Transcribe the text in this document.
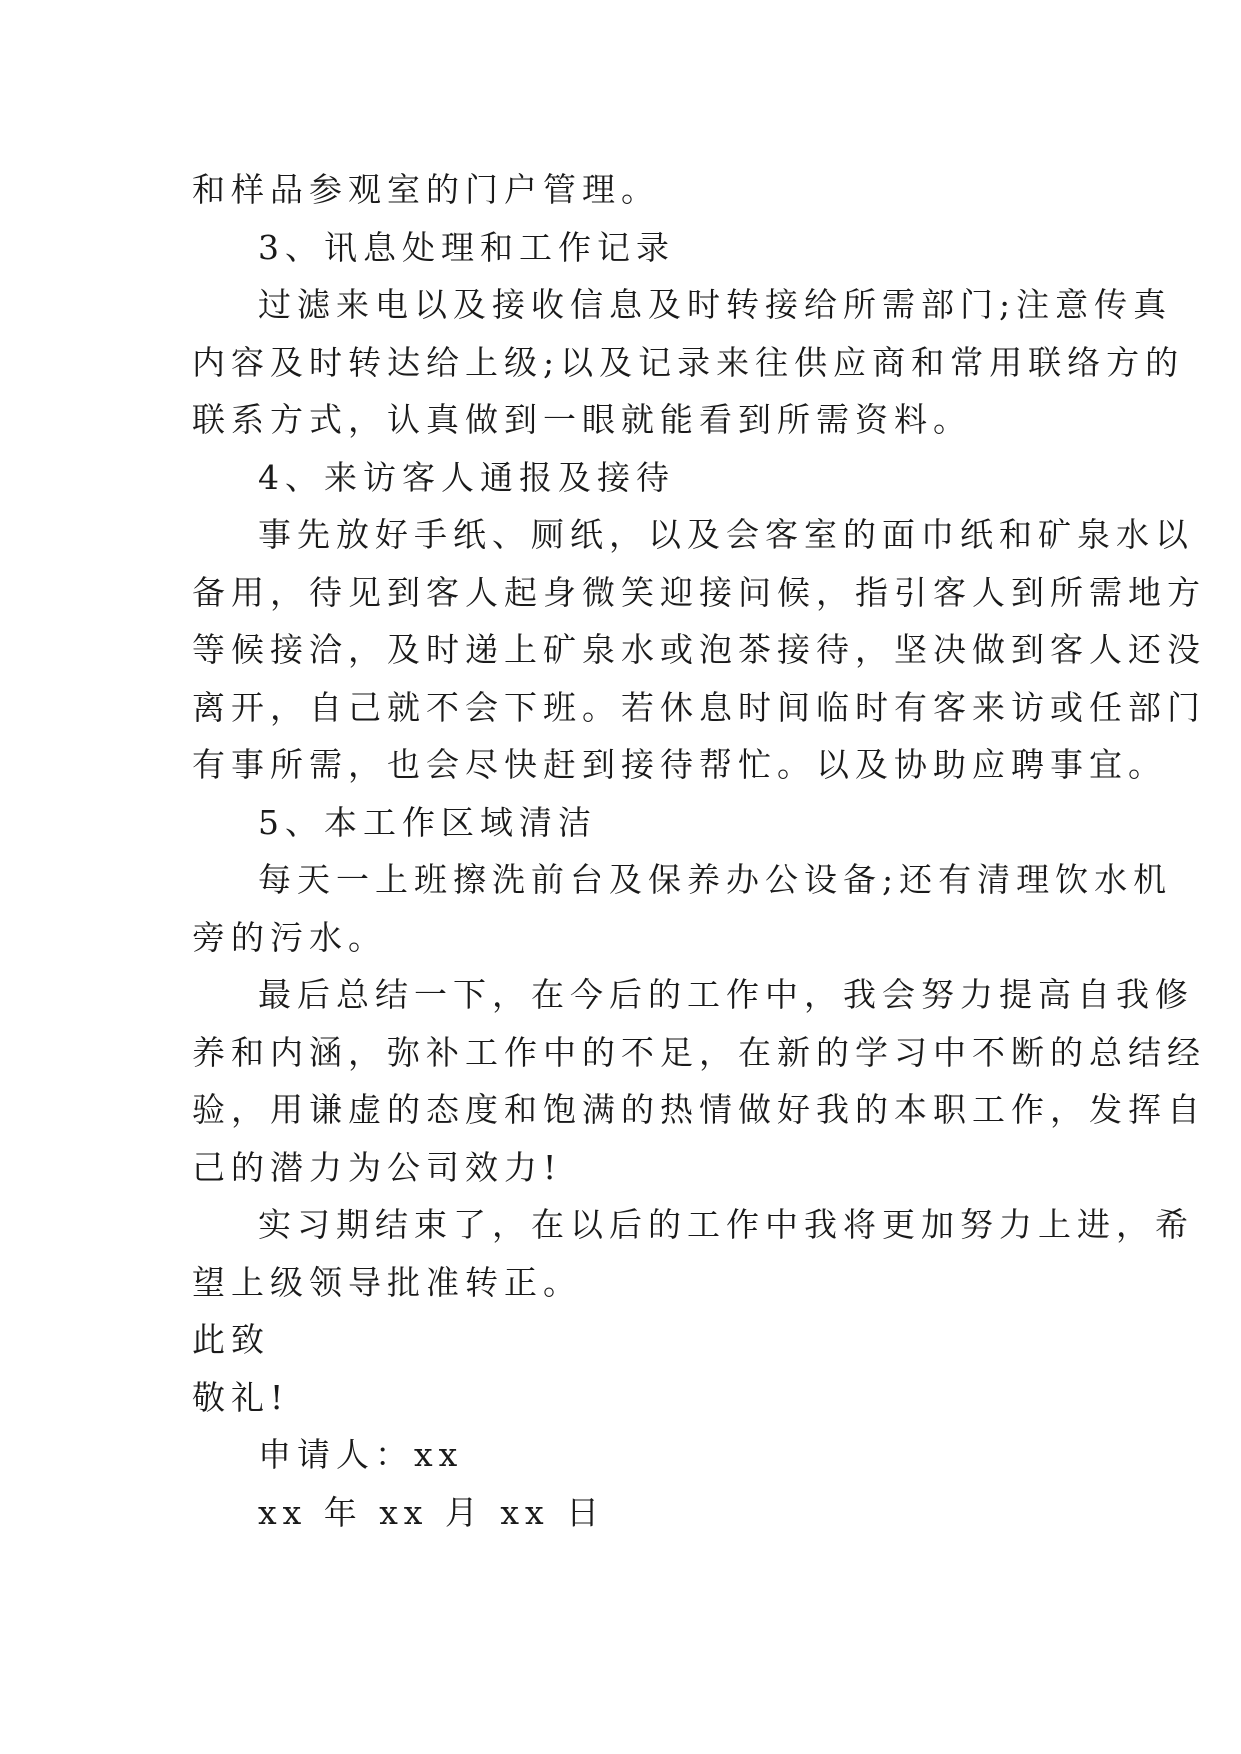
和样品参观室的门户管理。
3、讯息处理和工作记录
过滤来电以及接收信息及时转接给所需部门;注意传真
内容及时转达给上级;以及记录来往供应商和常用联络方的
联系方式，认真做到一眼就能看到所需资料。
4、来访客人通报及接待
事先放好手纸、厕纸，以及会客室的面巾纸和矿泉水以
备用，待见到客人起身微笑迎接问候，指引客人到所需地方
等候接洽，及时递上矿泉水或泡茶接待，坚决做到客人还没
离开，自己就不会下班。若休息时间临时有客来访或任部门
有事所需，也会尽快赶到接待帮忙。以及协助应聘事宜。
5、本工作区域清洁
每天一上班擦洗前台及保养办公设备;还有清理饮水机
旁的污水。
最后总结一下，在今后的工作中，我会努力提高自我修
养和内涵，弥补工作中的不足，在新的学习中不断的总结经
验，用谦虚的态度和饱满的热情做好我的本职工作，发挥自
己的潜力为公司效力!
实习期结束了，在以后的工作中我将更加努力上进，希
望上级领导批准转正。
此致
敬礼!
申请人：xx
xx 年 xx 月 xx 日
